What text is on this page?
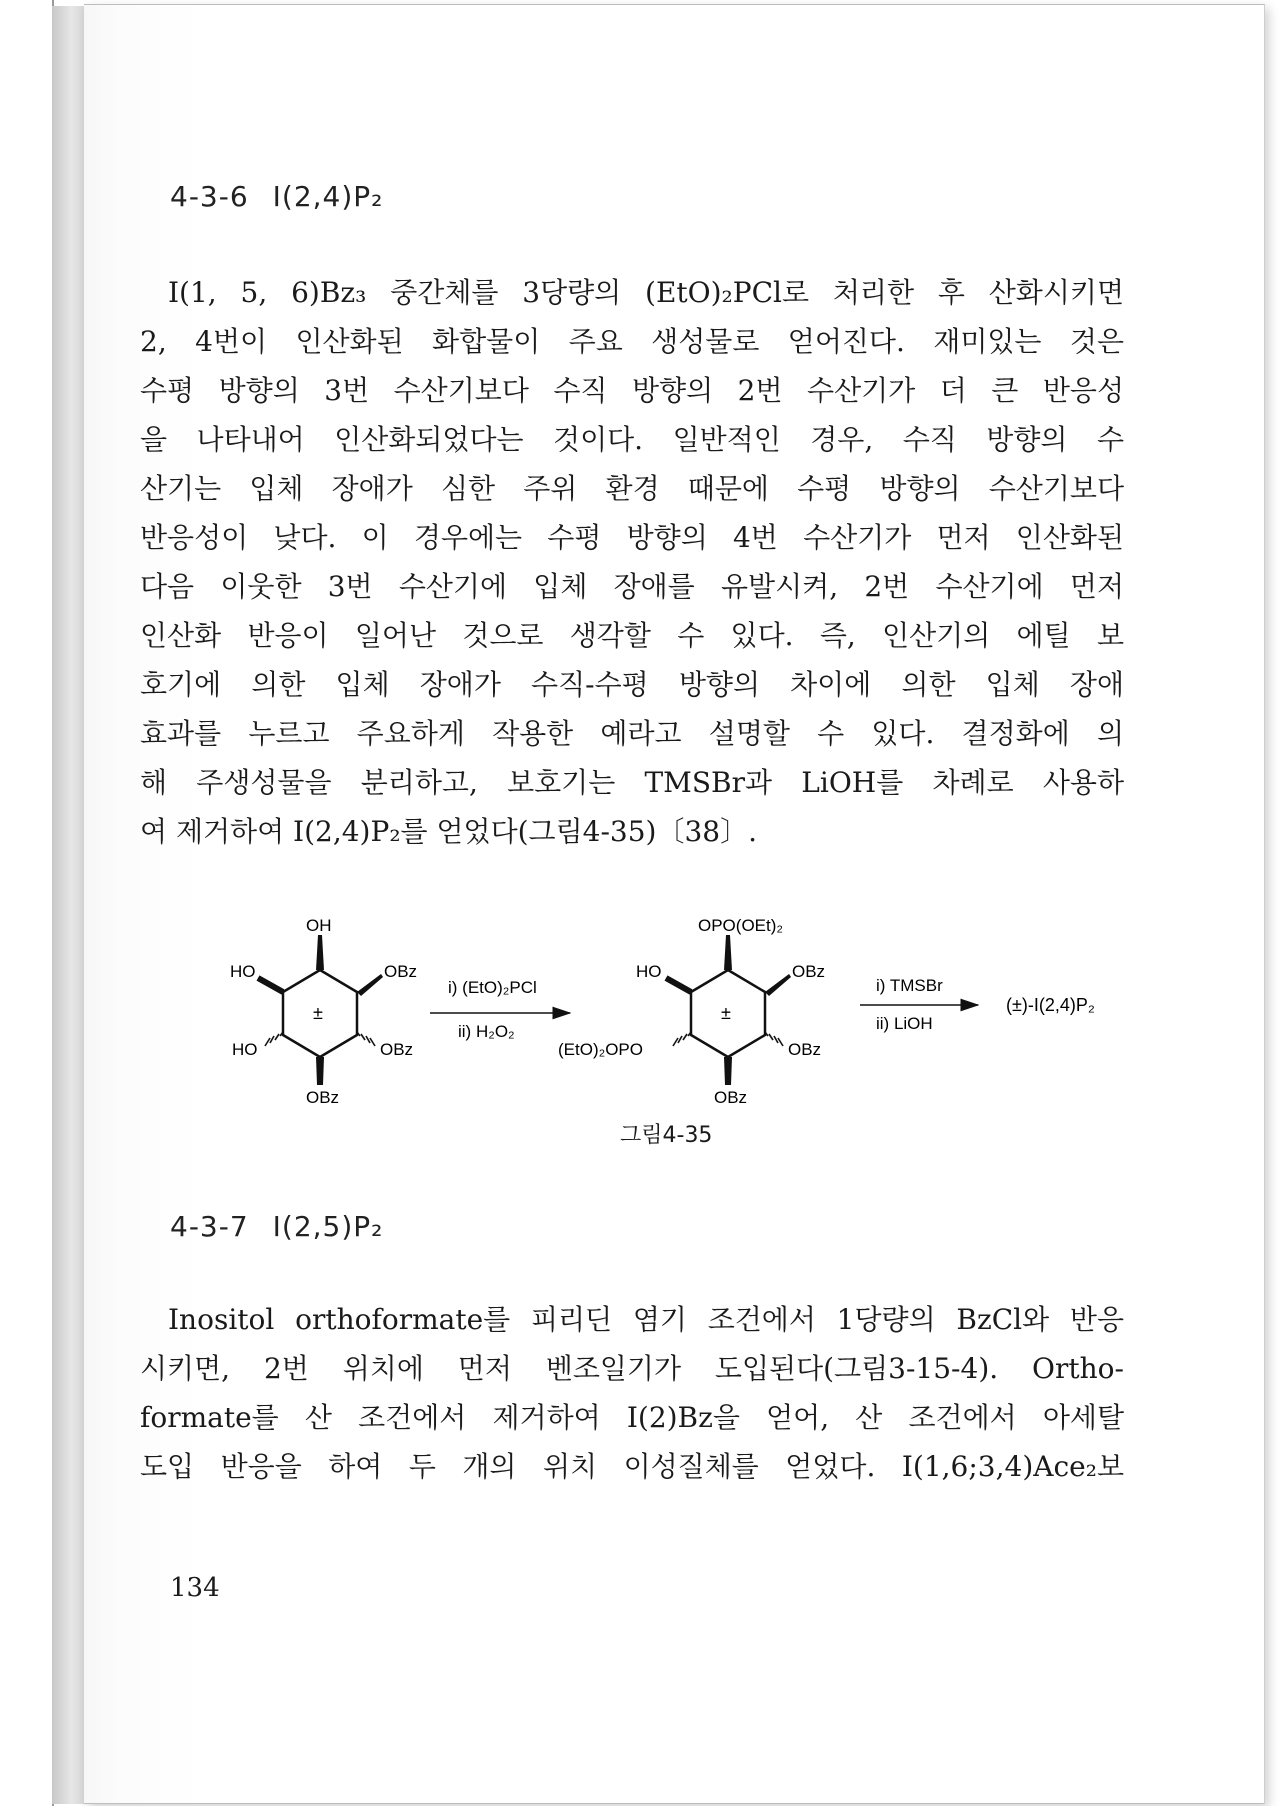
4-3-6 I(2,4)P₂
I(1, 5, 6)Bz₃ 중간체를 3당량의 (EtO)₂PCl로 처리한 후 산화시키면
2, 4번이 인산화된 화합물이 주요 생성물로 얻어진다. 재미있는 것은
수평 방향의 3번 수산기보다 수직 방향의 2번 수산기가 더 큰 반응성
을 나타내어 인산화되었다는 것이다. 일반적인 경우, 수직 방향의 수
산기는 입체 장애가 심한 주위 환경 때문에 수평 방향의 수산기보다
반응성이 낮다. 이 경우에는 수평 방향의 4번 수산기가 먼저 인산화된
다음 이웃한 3번 수산기에 입체 장애를 유발시켜, 2번 수산기에 먼저
인산화 반응이 일어난 것으로 생각할 수 있다. 즉, 인산기의 에틸 보
호기에 의한 입체 장애가 수직-수평 방향의 차이에 의한 입체 장애
효과를 누르고 주요하게 작용한 예라고 설명할 수 있다. 결정화에 의
해 주생성물을 분리하고, 보호기는 TMSBr과 LiOH를 차례로 사용하
여 제거하여 I(2,4)P₂를 얻었다(그림4-35)〔38〕.
OH
HO	OBz
HO	OBz
OBz
±
i) (EtO)₂PCl
ii) H₂O₂
OPO(OEt)₂
HO	OBz
(EtO)₂OPO	OBz
OBz
±
i) TMSBr
ii) LiOH
(±)-I(2,4)P₂
그림4-35
4-3-7 I(2,5)P₂
Inositol orthoformate를 피리딘 염기 조건에서 1당량의 BzCl와 반응
시키면, 2번 위치에 먼저 벤조일기가 도입된다(그림3-15-4). Ortho-
formate를 산 조건에서 제거하여 I(2)Bz을 얻어, 산 조건에서 아세탈
도입 반응을 하여 두 개의 위치 이성질체를 얻었다. I(1,6;3,4)Ace₂보
134
